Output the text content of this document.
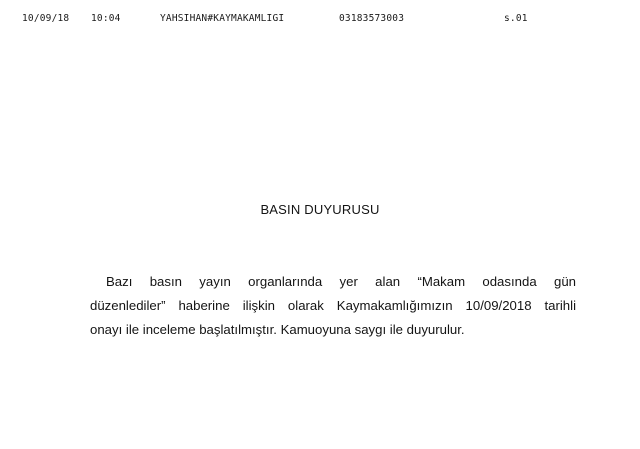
10/09/18 10:04	YAHSIHAN#KAYMAKAMLIGI	03183573003	s.01
BASIN DUYURUSU
Bazı basın yayın organlarında yer alan “Makam odasında gün
düzenlediler” haberine ilişkin olarak Kaymakamlığımızın 10/09/2018 tarihli
onayı ile inceleme başlatılmıştır. Kamuoyuna saygı ile duyurulur.
